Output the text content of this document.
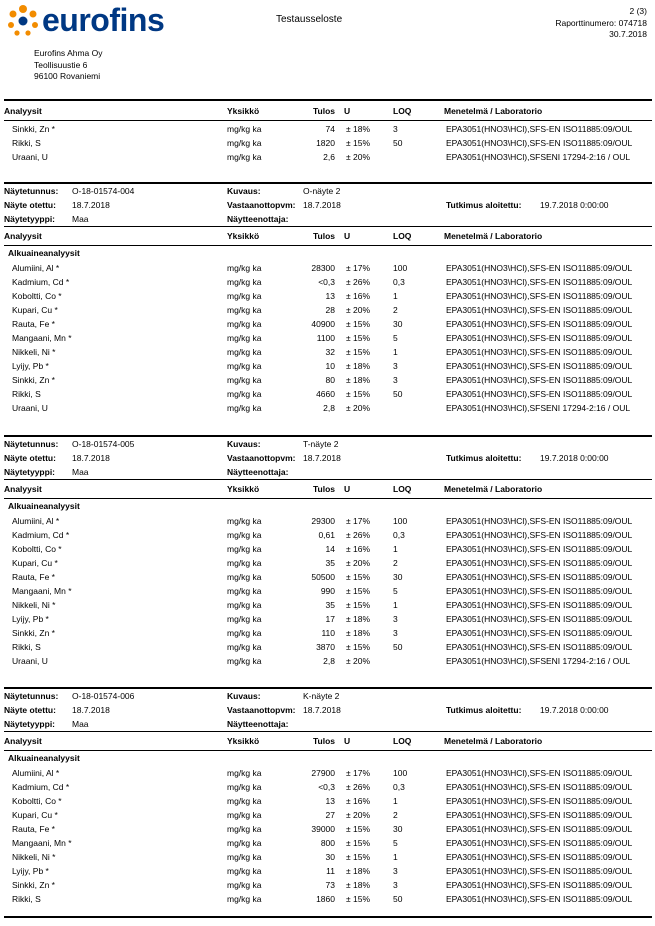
eurofins	Testausseloste
2 (3)
Raporttinumero: 074718
30.7.2018
Eurofins Ahma Oy
Teollisuustie 6
96100 Rovaniemi
Analyysit	Yksikkö	Tulos U	LOQ	Menetelmä / Laboratorio
Sinkki, Zn *	mg/kg ka	74 ± 18%	3	EPA3051(HNO3\HCl),SFS-EN ISO11885:09/OUL
Rikki, S	mg/kg ka	1820 ± 15%	50	EPA3051(HNO3\HCl),SFS-EN ISO11885:09/OUL
Uraani, U	mg/kg ka	2,6 ± 20%	EPA3051(HNO3\HCl),SFSENI 17294-2:16 / OUL
Näytetunnus: O-18-01574-004	Kuvaus:	O-näyte 2
Näyte otettu: 18.7.2018	Vastaanottopvm: 18.7.2018	Tutkimus aloitettu: 19.7.2018 0:00:00
Näytetyyppi: Maa	Näytteenottaja:
Analyysit	Yksikkö	Tulos U	LOQ	Menetelmä / Laboratorio
Alkuaineanalyysit
Alumiini, Al *	mg/kg ka	28300 ± 17%	100	EPA3051(HNO3\HCl),SFS-EN ISO11885:09/OUL
Kadmium, Cd *	mg/kg ka	<0,3 ± 26%	0,3	EPA3051(HNO3\HCl),SFS-EN ISO11885:09/OUL
Koboltti, Co *	mg/kg ka	13 ± 16%	1	EPA3051(HNO3\HCl),SFS-EN ISO11885:09/OUL
Kupari, Cu *	mg/kg ka	28 ± 20%	2	EPA3051(HNO3\HCl),SFS-EN ISO11885:09/OUL
Rauta, Fe *	mg/kg ka	40900 ± 15%	30	EPA3051(HNO3\HCl),SFS-EN ISO11885:09/OUL
Mangaani, Mn *	mg/kg ka	1100 ± 15%	5	EPA3051(HNO3\HCl),SFS-EN ISO11885:09/OUL
Nikkeli, Ni *	mg/kg ka	32 ± 15%	1	EPA3051(HNO3\HCl),SFS-EN ISO11885:09/OUL
Lyijy, Pb *	mg/kg ka	10 ± 18%	3	EPA3051(HNO3\HCl),SFS-EN ISO11885:09/OUL
Sinkki, Zn *	mg/kg ka	80 ± 18%	3	EPA3051(HNO3\HCl),SFS-EN ISO11885:09/OUL
Rikki, S	mg/kg ka	4660 ± 15%	50	EPA3051(HNO3\HCl),SFS-EN ISO11885:09/OUL
Uraani, U	mg/kg ka	2,8 ± 20%	EPA3051(HNO3\HCl),SFSENI 17294-2:16 / OUL
Näytetunnus: O-18-01574-005	Kuvaus:	T-näyte 2
Näyte otettu: 18.7.2018	Vastaanottopvm: 18.7.2018	Tutkimus aloitettu: 19.7.2018 0:00:00
Näytetyyppi: Maa	Näytteenottaja:
Analyysit	Yksikkö	Tulos U	LOQ	Menetelmä / Laboratorio
Alkuaineanalyysit
Alumiini, Al *	mg/kg ka	29300 ± 17%	100	EPA3051(HNO3\HCl),SFS-EN ISO11885:09/OUL
Kadmium, Cd *	mg/kg ka	0,61 ± 26%	0,3	EPA3051(HNO3\HCl),SFS-EN ISO11885:09/OUL
Koboltti, Co *	mg/kg ka	14 ± 16%	1	EPA3051(HNO3\HCl),SFS-EN ISO11885:09/OUL
Kupari, Cu *	mg/kg ka	35 ± 20%	2	EPA3051(HNO3\HCl),SFS-EN ISO11885:09/OUL
Rauta, Fe *	mg/kg ka	50500 ± 15%	30	EPA3051(HNO3\HCl),SFS-EN ISO11885:09/OUL
Mangaani, Mn *	mg/kg ka	990 ± 15%	5	EPA3051(HNO3\HCl),SFS-EN ISO11885:09/OUL
Nikkeli, Ni *	mg/kg ka	35 ± 15%	1	EPA3051(HNO3\HCl),SFS-EN ISO11885:09/OUL
Lyijy, Pb *	mg/kg ka	17 ± 18%	3	EPA3051(HNO3\HCl),SFS-EN ISO11885:09/OUL
Sinkki, Zn *	mg/kg ka	110 ± 18%	3	EPA3051(HNO3\HCl),SFS-EN ISO11885:09/OUL
Rikki, S	mg/kg ka	3870 ± 15%	50	EPA3051(HNO3\HCl),SFS-EN ISO11885:09/OUL
Uraani, U	mg/kg ka	2,8 ± 20%	EPA3051(HNO3\HCl),SFSENI 17294-2:16 / OUL
Näytetunnus: O-18-01574-006	Kuvaus:	K-näyte 2
Näyte otettu: 18.7.2018	Vastaanottopvm: 18.7.2018	Tutkimus aloitettu: 19.7.2018 0:00:00
Näytetyyppi: Maa	Näytteenottaja:
Analyysit	Yksikkö	Tulos U	LOQ	Menetelmä / Laboratorio
Alkuaineanalyysit
Alumiini, Al *	mg/kg ka	27900 ± 17%	100	EPA3051(HNO3\HCl),SFS-EN ISO11885:09/OUL
Kadmium, Cd *	mg/kg ka	<0,3 ± 26%	0,3	EPA3051(HNO3\HCl),SFS-EN ISO11885:09/OUL
Koboltti, Co *	mg/kg ka	13 ± 16%	1	EPA3051(HNO3\HCl),SFS-EN ISO11885:09/OUL
Kupari, Cu *	mg/kg ka	27 ± 20%	2	EPA3051(HNO3\HCl),SFS-EN ISO11885:09/OUL
Rauta, Fe *	mg/kg ka	39000 ± 15%	30	EPA3051(HNO3\HCl),SFS-EN ISO11885:09/OUL
Mangaani, Mn *	mg/kg ka	800 ± 15%	5	EPA3051(HNO3\HCl),SFS-EN ISO11885:09/OUL
Nikkeli, Ni *	mg/kg ka	30 ± 15%	1	EPA3051(HNO3\HCl),SFS-EN ISO11885:09/OUL
Lyijy, Pb *	mg/kg ka	11 ± 18%	3	EPA3051(HNO3\HCl),SFS-EN ISO11885:09/OUL
Sinkki, Zn *	mg/kg ka	73 ± 18%	3	EPA3051(HNO3\HCl),SFS-EN ISO11885:09/OUL
Rikki, S	mg/kg ka	1860 ± 15%	50	EPA3051(HNO3\HCl),SFS-EN ISO11885:09/OUL
